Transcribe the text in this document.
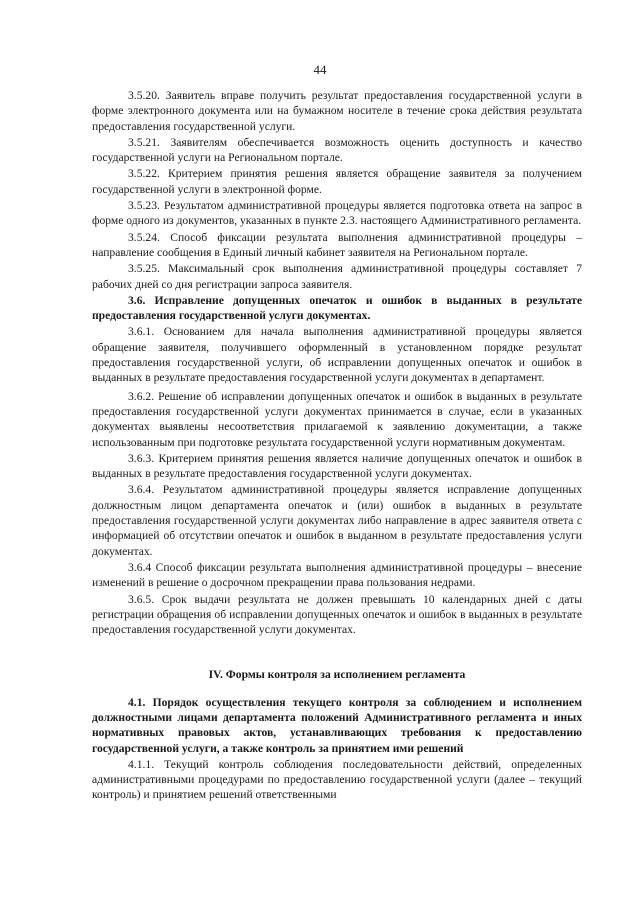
44

3.5.20. Заявитель вправе получить результат предоставления государственной услуги в форме электронного документа или на бумажном носителе в течение срока действия результата предоставления государственной услуги.

3.5.21. Заявителям обеспечивается возможность оценить доступность и качество государственной услуги на Региональном портале.

3.5.22. Критерием принятия решения является обращение заявителя за получением государственной услуги в электронной форме.

3.5.23. Результатом административной процедуры является подготовка ответа на запрос в форме одного из документов, указанных в пункте 2.3. настоящего Административного регламента.

3.5.24. Способ фиксации результата выполнения административной процедуры – направление сообщения в Единый личный кабинет заявителя на Региональном портале.

3.5.25. Максимальный срок выполнения административной процедуры составляет 7 рабочих дней со дня регистрации запроса заявителя.

3.6. Исправление допущенных опечаток и ошибок в выданных в результате предоставления государственной услуги документах.

3.6.1. Основанием для начала выполнения административной процедуры является обращение заявителя, получившего оформленный в установленном порядке результат предоставления государственной услуги, об исправлении допущенных опечаток и ошибок в выданных в результате предоставления государственной услуги документах в департамент.

3.6.2. Решение об исправлении допущенных опечаток и ошибок в выданных в результате предоставления государственной услуги документах принимается в случае, если в указанных документах выявлены несоответствия прилагаемой к заявлению документации, а также использованным при подготовке результата государственной услуги нормативным документам.

3.6.3. Критерием принятия решения является наличие допущенных опечаток и ошибок в выданных в результате предоставления государственной услуги документах.

3.6.4. Результатом административной процедуры является исправление допущенных должностным лицом департамента опечаток и (или) ошибок в выданных в результате предоставления государственной услуги документах либо направление в адрес заявителя ответа с информацией об отсутствии опечаток и ошибок в выданном в результате предоставления услуги документах.

3.6.4 Способ фиксации результата выполнения административной процедуры – внесение изменений в решение о досрочном прекращении права пользования недрами.

3.6.5. Срок выдачи результата не должен превышать 10 календарных дней с даты регистрации обращения об исправлении допущенных опечаток и ошибок в выданных в результате предоставления государственной услуги документах.

IV. Формы контроля за исполнением регламента

4.1. Порядок осуществления текущего контроля за соблюдением и исполнением должностными лицами департамента положений Административного регламента и иных нормативных правовых актов, устанавливающих требования к предоставлению государственной услуги, а также контроль за принятием ими решений

4.1.1. Текущий контроль соблюдения последовательности действий, определенных административными процедурами по предоставлению государственной услуги (далее – текущий контроль) и принятием решений ответственными
